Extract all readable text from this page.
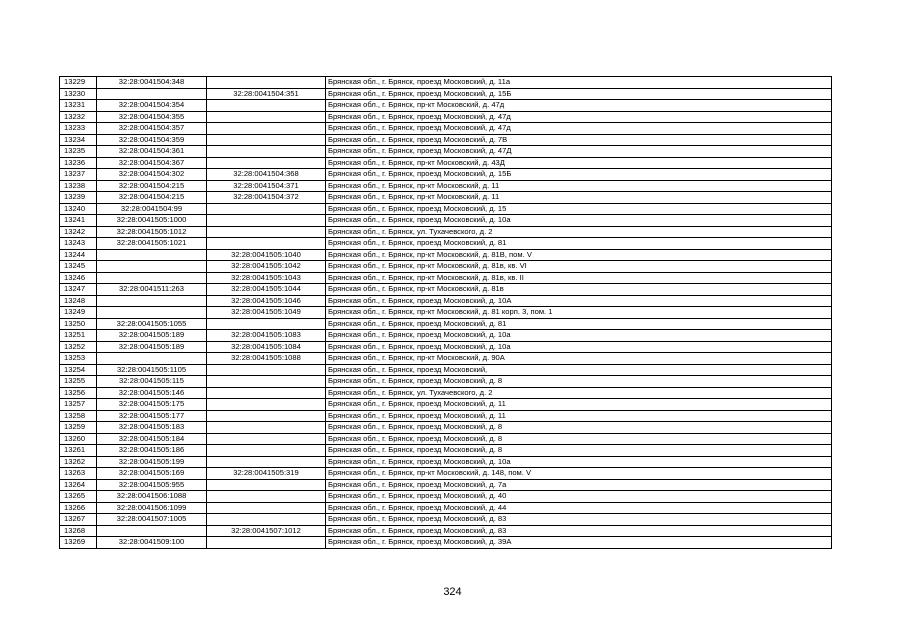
13229	32:28:0041504:348		Брянская обл., г. Брянск, проезд Московский, д. 11а
13230		32:28:0041504:351	Брянская обл., г. Брянск, проезд Московский, д. 15Б
13231	32:28:0041504:354		Брянская обл., г. Брянск, пр-кт Московский, д. 47д
13232	32:28:0041504:355		Брянская обл., г. Брянск, проезд Московский, д. 47д
13233	32:28:0041504:357		Брянская обл., г. Брянск, проезд Московский, д. 47д
13234	32:28:0041504:359		Брянская обл., г. Брянск, проезд Московский, д. 7В
13235	32:28:0041504:361		Брянская обл., г. Брянск, проезд Московский, д. 47Д
13236	32:28:0041504:367		Брянская обл., г. Брянск, пр-кт Московский, д. 43Д
13237	32:28:0041504:302	32:28:0041504:368	Брянская обл., г. Брянск, проезд Московский, д. 15Б
13238	32:28:0041504:215	32:28:0041504:371	Брянская обл., г. Брянск, пр-кт Московский, д. 11
13239	32:28:0041504:215	32:28:0041504:372	Брянская обл., г. Брянск, пр-кт Московский, д. 11
13240	32:28:0041504:99		Брянская обл., г. Брянск, проезд Московский, д. 15
13241	32:28:0041505:1000		Брянская обл., г. Брянск, проезд Московский, д. 10а
13242	32:28:0041505:1012		Брянская обл., г. Брянск, ул. Тухачевского, д. 2
13243	32:28:0041505:1021		Брянская обл., г. Брянск, проезд Московский, д. 81
13244		32:28:0041505:1040	Брянская обл., г. Брянск, пр-кт Московский, д. 81В, пом. V
13245		32:28:0041505:1042	Брянская обл., г. Брянск, пр-кт Московский, д. 81в, кв. VI
13246		32:28:0041505:1043	Брянская обл., г. Брянск, пр-кт Московский, д. 81в, кв. II
13247	32:28:0041511:263	32:28:0041505:1044	Брянская обл., г. Брянск, пр-кт Московский, д. 81в
13248		32:28:0041505:1046	Брянская обл., г. Брянск, проезд Московский, д. 10А
13249		32:28:0041505:1049	Брянская обл., г. Брянск, пр-кт Московский, д. 81 корп. 3, пом. 1
13250	32:28:0041505:1055		Брянская обл., г. Брянск, проезд Московский, д. 81
13251	32:28:0041505:189	32:28:0041505:1083	Брянская обл., г. Брянск, проезд Московский, д. 10а
13252	32:28:0041505:189	32:28:0041505:1084	Брянская обл., г. Брянск, проезд Московский, д. 10а
13253		32:28:0041505:1088	Брянская обл., г. Брянск, пр-кт Московский, д. 90А
13254	32:28:0041505:1105		Брянская обл., г. Брянск, проезд Московский,
13255	32:28:0041505:115		Брянская обл., г. Брянск, проезд Московский, д. 8
13256	32:28:0041505:146		Брянская обл., г. Брянск, ул. Тухачевского, д. 2
13257	32:28:0041505:175		Брянская обл., г. Брянск, проезд Московский, д. 11
13258	32:28:0041505:177		Брянская обл., г. Брянск, проезд Московский, д. 11
13259	32:28:0041505:183		Брянская обл., г. Брянск, проезд Московский, д. 8
13260	32:28:0041505:184		Брянская обл., г. Брянск, проезд Московский, д. 8
13261	32:28:0041505:186		Брянская обл., г. Брянск, проезд Московский, д. 8
13262	32:28:0041505:199		Брянская обл., г. Брянск, проезд Московский, д. 10а
13263	32:28:0041505:169	32:28:0041505:319	Брянская обл., г. Брянск, пр-кт Московский, д. 148, пом. V
13264	32:28:0041505:955		Брянская обл., г. Брянск, проезд Московский, д. 7а
13265	32:28:0041506:1088		Брянская обл., г. Брянск, проезд Московский, д. 40
13266	32:28:0041506:1099		Брянская обл., г. Брянск, проезд Московский, д. 44
13267	32:28:0041507:1005		Брянская обл., г. Брянск, проезд Московский, д. 83
13268		32:28:0041507:1012	Брянская обл., г. Брянск, проезд Московский, д. 83
13269	32:28:0041509:100		Брянская обл., г. Брянск, проезд Московский, д. 39А
324
